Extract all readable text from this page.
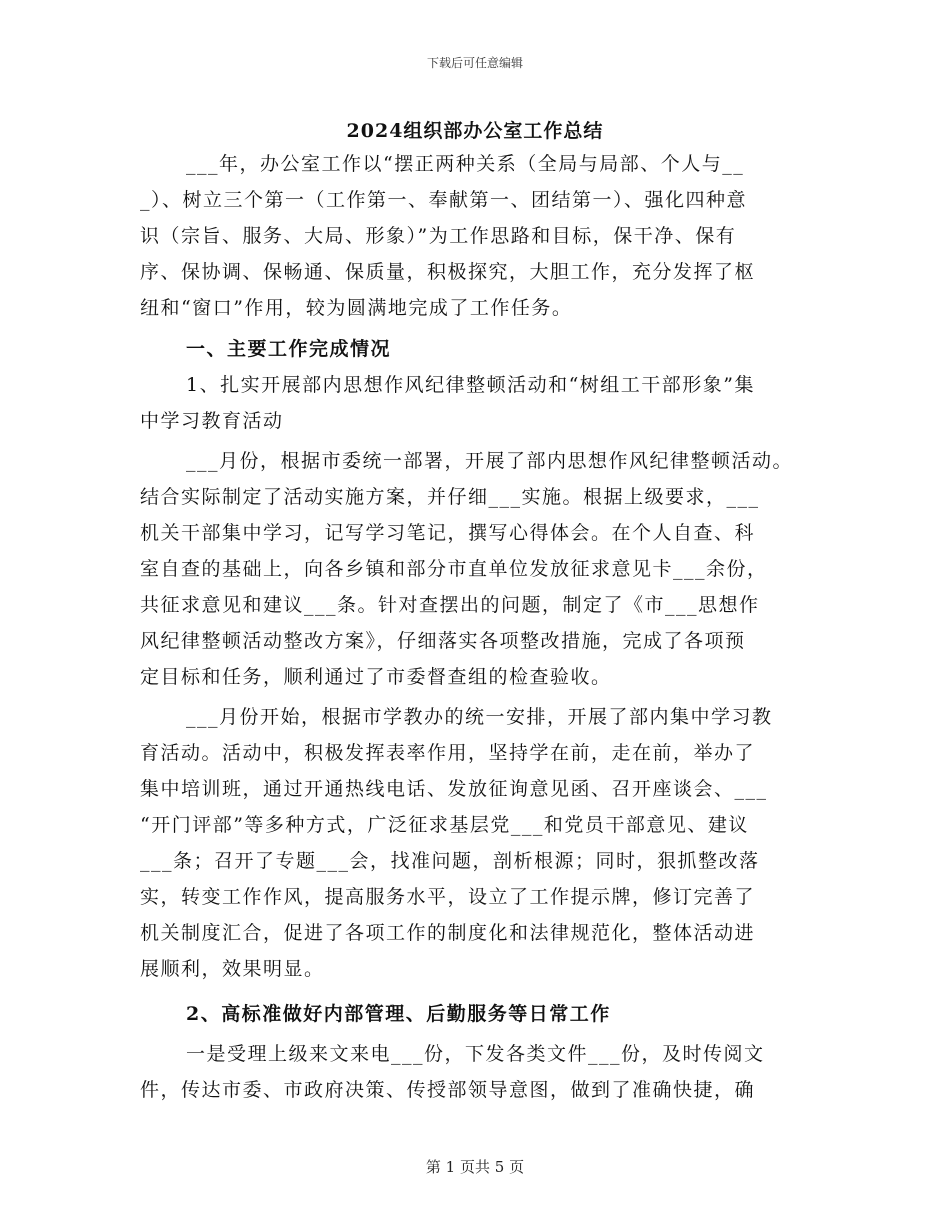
下载后可任意编辑
2024组织部办公室工作总结
___年，办公室工作以“摆正两种关系（全局与局部、个人与__
_）、树立三个第一（工作第一、奉献第一、团结第一）、强化四种意
识（宗旨、服务、大局、形象）”为工作思路和目标，保干净、保有
序、保协调、保畅通、保质量，积极探究，大胆工作，充分发挥了枢
纽和“窗口”作用，较为圆满地完成了工作任务。
一、主要工作完成情况
1、扎实开展部内思想作风纪律整顿活动和“树组工干部形象”集
中学习教育活动
___月份，根据市委统一部署，开展了部内思想作风纪律整顿活动。
结合实际制定了活动实施方案，并仔细___实施。根据上级要求，___
机关干部集中学习，记写学习笔记，撰写心得体会。在个人自查、科
室自查的基础上，向各乡镇和部分市直单位发放征求意见卡___余份，
共征求意见和建议___条。针对查摆出的问题，制定了《市___思想作
风纪律整顿活动整改方案》，仔细落实各项整改措施，完成了各项预
定目标和任务，顺利通过了市委督查组的检查验收。
___月份开始，根据市学教办的统一安排，开展了部内集中学习教
育活动。活动中，积极发挥表率作用，坚持学在前，走在前，举办了
集中培训班，通过开通热线电话、发放征询意见函、召开座谈会、___
“开门评部”等多种方式，广泛征求基层党___和党员干部意见、建议
___条；召开了专题___会，找准问题，剖析根源；同时，狠抓整改落
实，转变工作作风，提高服务水平，设立了工作提示牌，修订完善了
机关制度汇合，促进了各项工作的制度化和法律规范化，整体活动进
展顺利，效果明显。
2、高标准做好内部管理、后勤服务等日常工作
一是受理上级来文来电___份，下发各类文件___份，及时传阅文
件，传达市委、市政府决策、传授部领导意图，做到了准确快捷，确
第 1 页共 5 页
